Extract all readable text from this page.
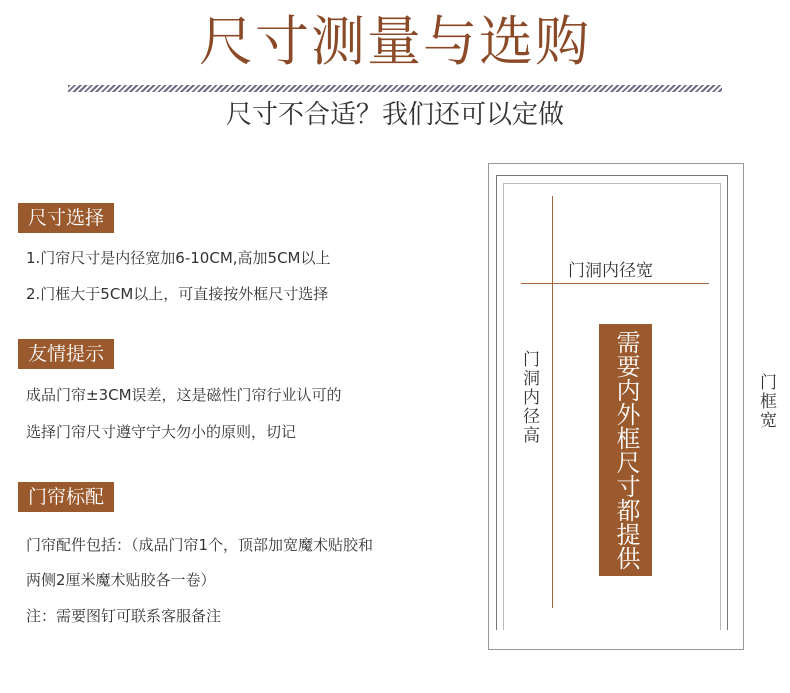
尺寸测量与选购
尺寸不合适？我们还可以定做
尺寸选择
1.门帘尺寸是内径宽加6-10CM,高加5CM以上
2.门框大于5CM以上，可直接按外框尺寸选择
友情提示
成品门帘±3CM误差，这是磁性门帘行业认可的
选择门帘尺寸遵守宁大勿小的原则，切记
门帘标配
门帘配件包括：（成品门帘1个，顶部加宽魔术贴胶和
两侧2厘米魔术贴胶各一卷）
注：需要图钉可联系客服备注
门洞内径宽
门洞内径高	门框宽
需要内外框尺寸都提供
